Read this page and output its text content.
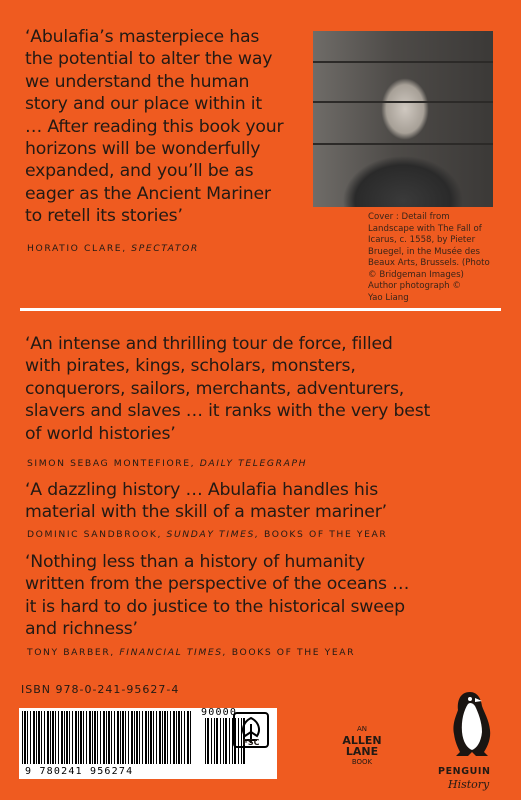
‘Abulafia’s masterpiece has
the potential to alter the way
we understand the human
story and our place within it
… After reading this book your
horizons will be wonderfully
expanded, and you’ll be as
eager as the Ancient Mariner
to retell its stories’
HORATIO CLARE, SPECTATOR
Cover : Detail from
Landscape with The Fall of
Icarus, c. 1558, by Pieter
Bruegel, in the Musée des
Beaux Arts, Brussels. (Photo
© Bridgeman Images)
Author photograph ©
Yao Liang
‘An intense and thrilling tour de force, filled
with pirates, kings, scholars, monsters,
conquerors, sailors, merchants, adventurers,
slavers and slaves … it ranks with the very best
of world histories’
SIMON SEBAG MONTEFIORE, DAILY TELEGRAPH
‘A dazzling history … Abulafia handles his
material with the skill of a master mariner’
DOMINIC SANDBROOK, SUNDAY TIMES, BOOKS OF THE YEAR
‘Nothing less than a history of humanity
written from the perspective of the oceans …
it is hard to do justice to the historical sweep
and richness’
TONY BARBER, FINANCIAL TIMES, BOOKS OF THE YEAR
ISBN 978-0-241-95627-4
90000
9 780241 956274
FSC
AN
ALLEN
LANE
BOOK
PENGUIN
History
